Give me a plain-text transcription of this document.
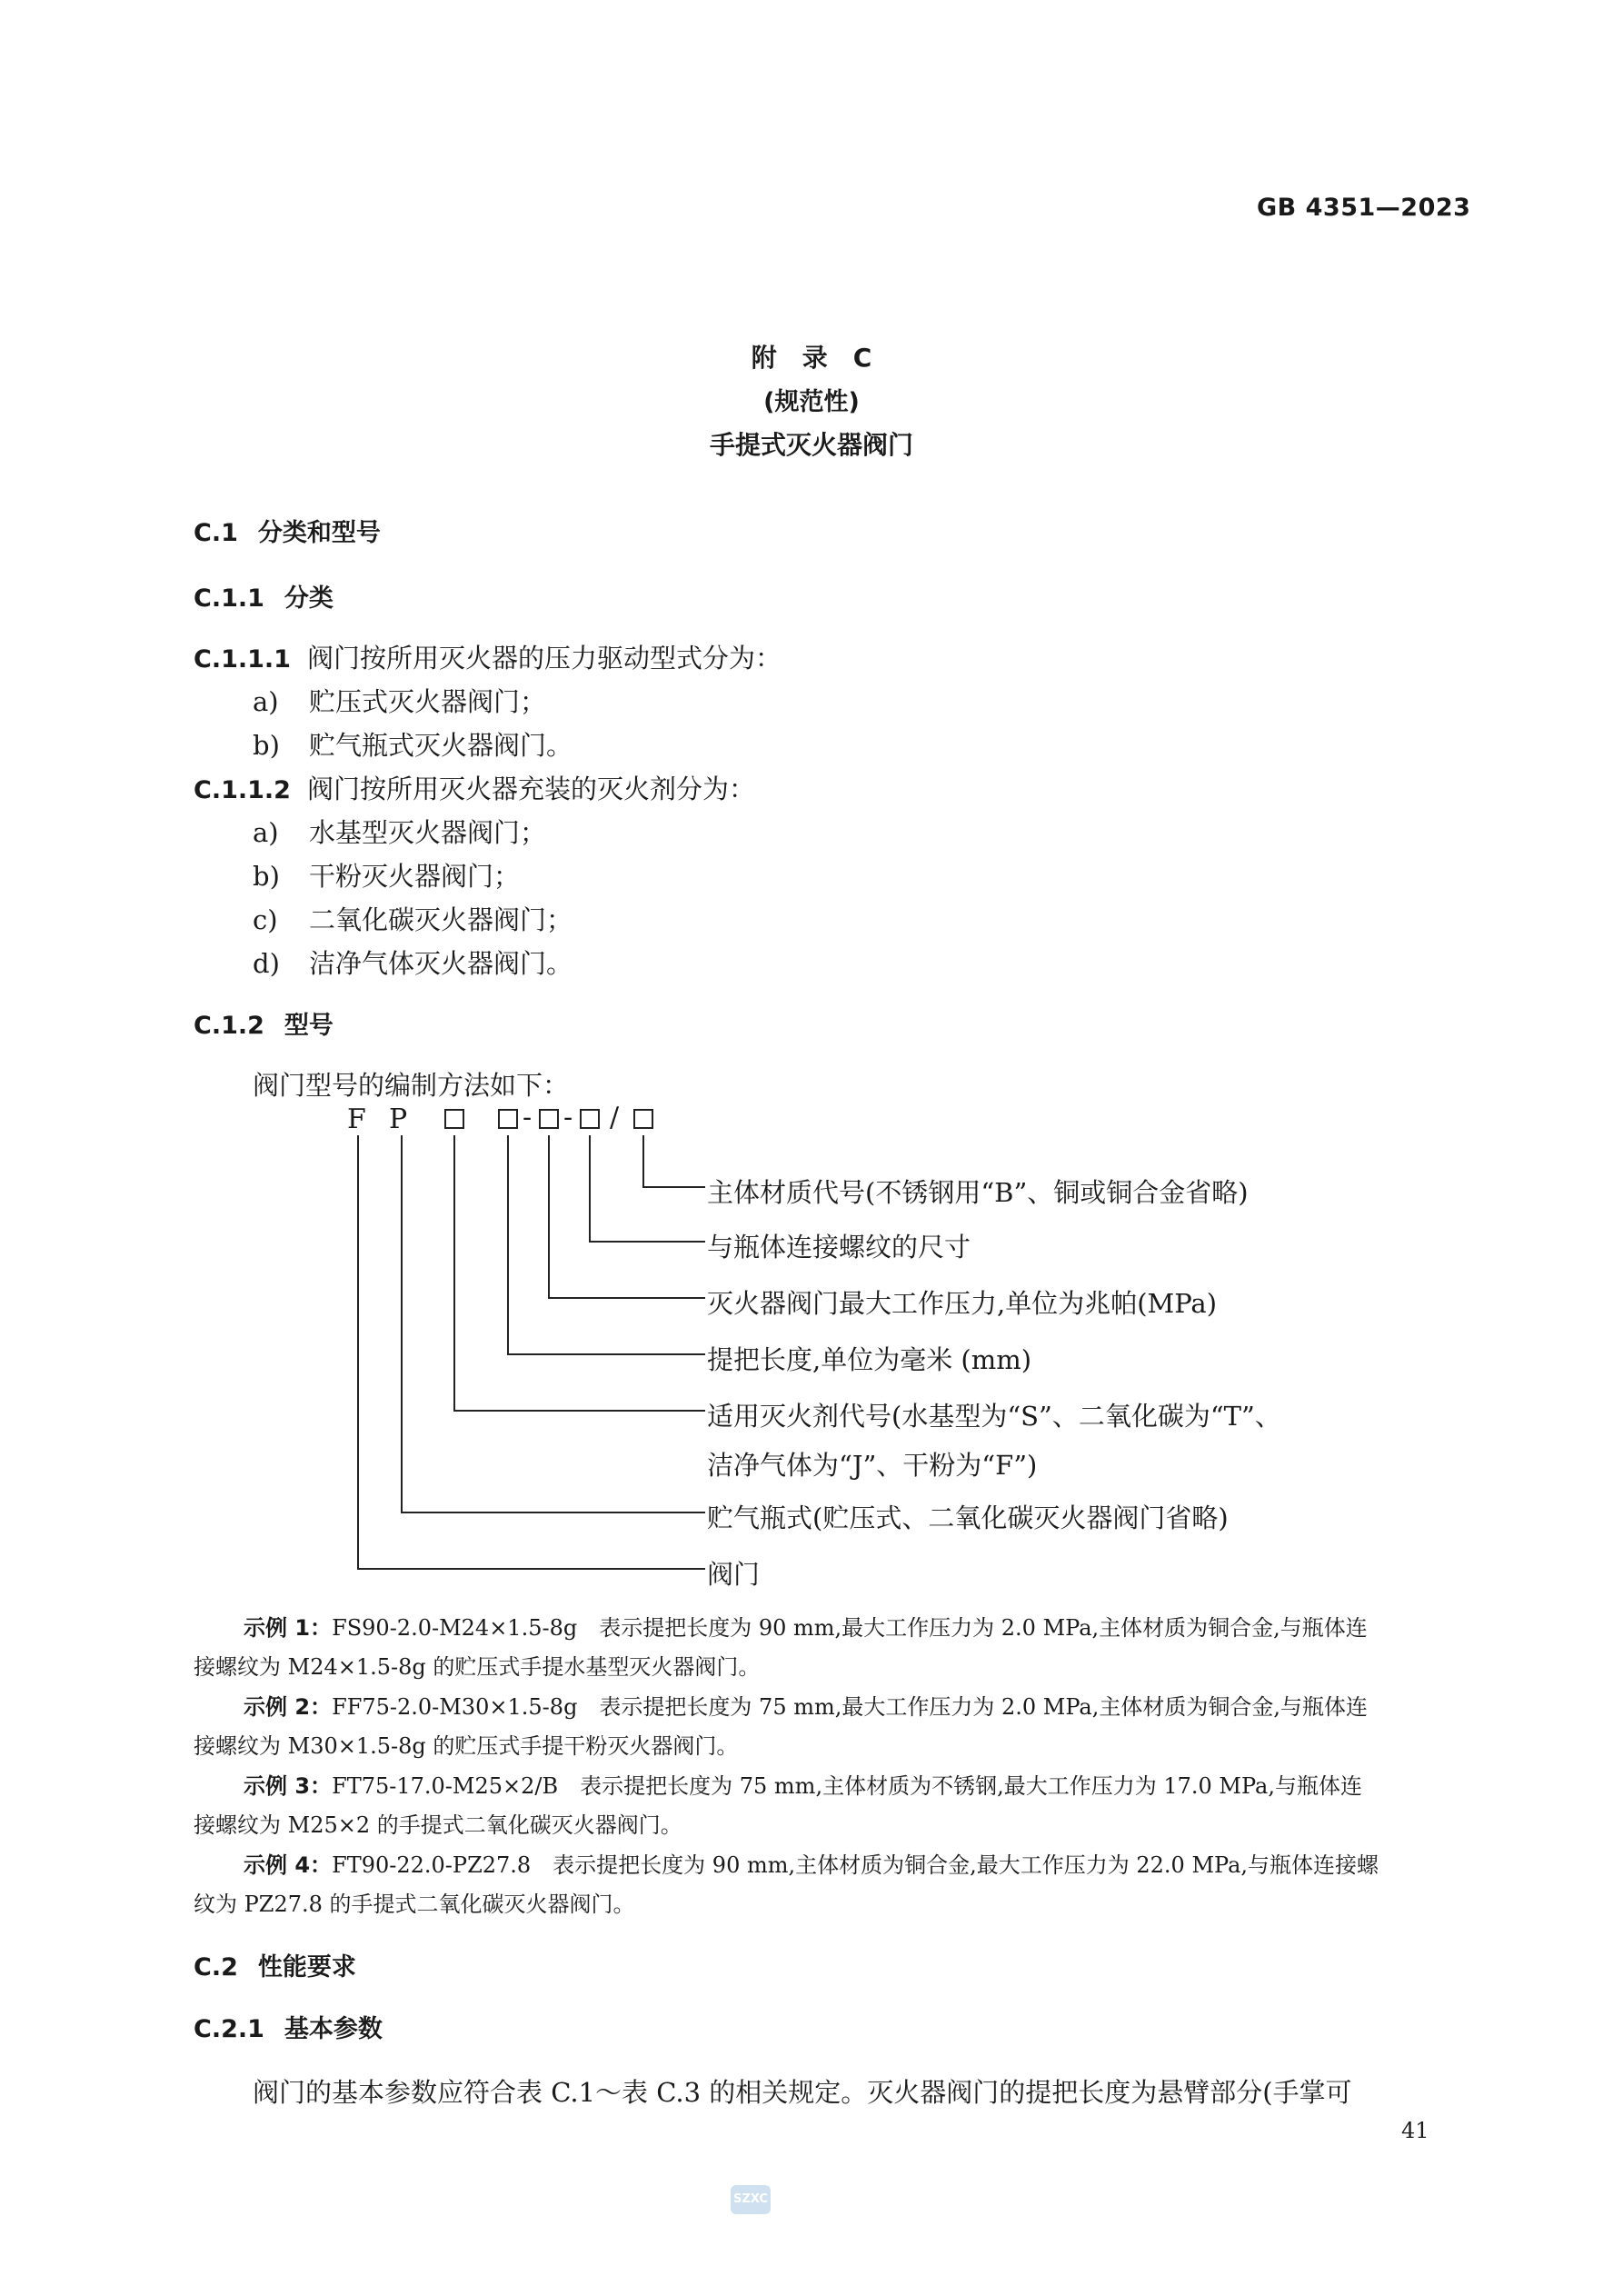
GB 4351—2023
附　录　C
(规范性)
手提式灭火器阀门
C.1 分类和型号
C.1.1 分类
C.1.1.1 阀门按所用灭火器的压力驱动型式分为：
a) 贮压式灭火器阀门；
b) 贮气瓶式灭火器阀门。
C.1.1.2 阀门按所用灭火器充装的灭火剂分为：
a) 水基型灭火器阀门；
b) 干粉灭火器阀门；
c) 二氧化碳灭火器阀门；
d) 洁净气体灭火器阀门。
C.1.2 型号
阀门型号的编制方法如下：
F P	- - /
主体材质代号(不锈钢用“B”、铜或铜合金省略)
与瓶体连接螺纹的尺寸
灭火器阀门最大工作压力,单位为兆帕(MPa)
提把长度,单位为毫米 (mm)
适用灭火剂代号(水基型为“S”、二氧化碳为“T”、
洁净气体为“J”、干粉为“F”)
贮气瓶式(贮压式、二氧化碳灭火器阀门省略)
阀门
示例 1：FS90-2.0-M24×1.5-8g　表示提把长度为 90 mm,最大工作压力为 2.0 MPa,主体材质为铜合金,与瓶体连
接螺纹为 M24×1.5-8g 的贮压式手提水基型灭火器阀门。
示例 2：FF75-2.0-M30×1.5-8g　表示提把长度为 75 mm,最大工作压力为 2.0 MPa,主体材质为铜合金,与瓶体连
接螺纹为 M30×1.5-8g 的贮压式手提干粉灭火器阀门。
示例 3：FT75-17.0-M25×2/B　表示提把长度为 75 mm,主体材质为不锈钢,最大工作压力为 17.0 MPa,与瓶体连
接螺纹为 M25×2 的手提式二氧化碳灭火器阀门。
示例 4：FT90-22.0-PZ27.8　表示提把长度为 90 mm,主体材质为铜合金,最大工作压力为 22.0 MPa,与瓶体连接螺
纹为 PZ27.8 的手提式二氧化碳灭火器阀门。
C.2 性能要求
C.2.1 基本参数
阀门的基本参数应符合表 C.1～表 C.3 的相关规定。灭火器阀门的提把长度为悬臂部分(手掌可
41
SZXC
